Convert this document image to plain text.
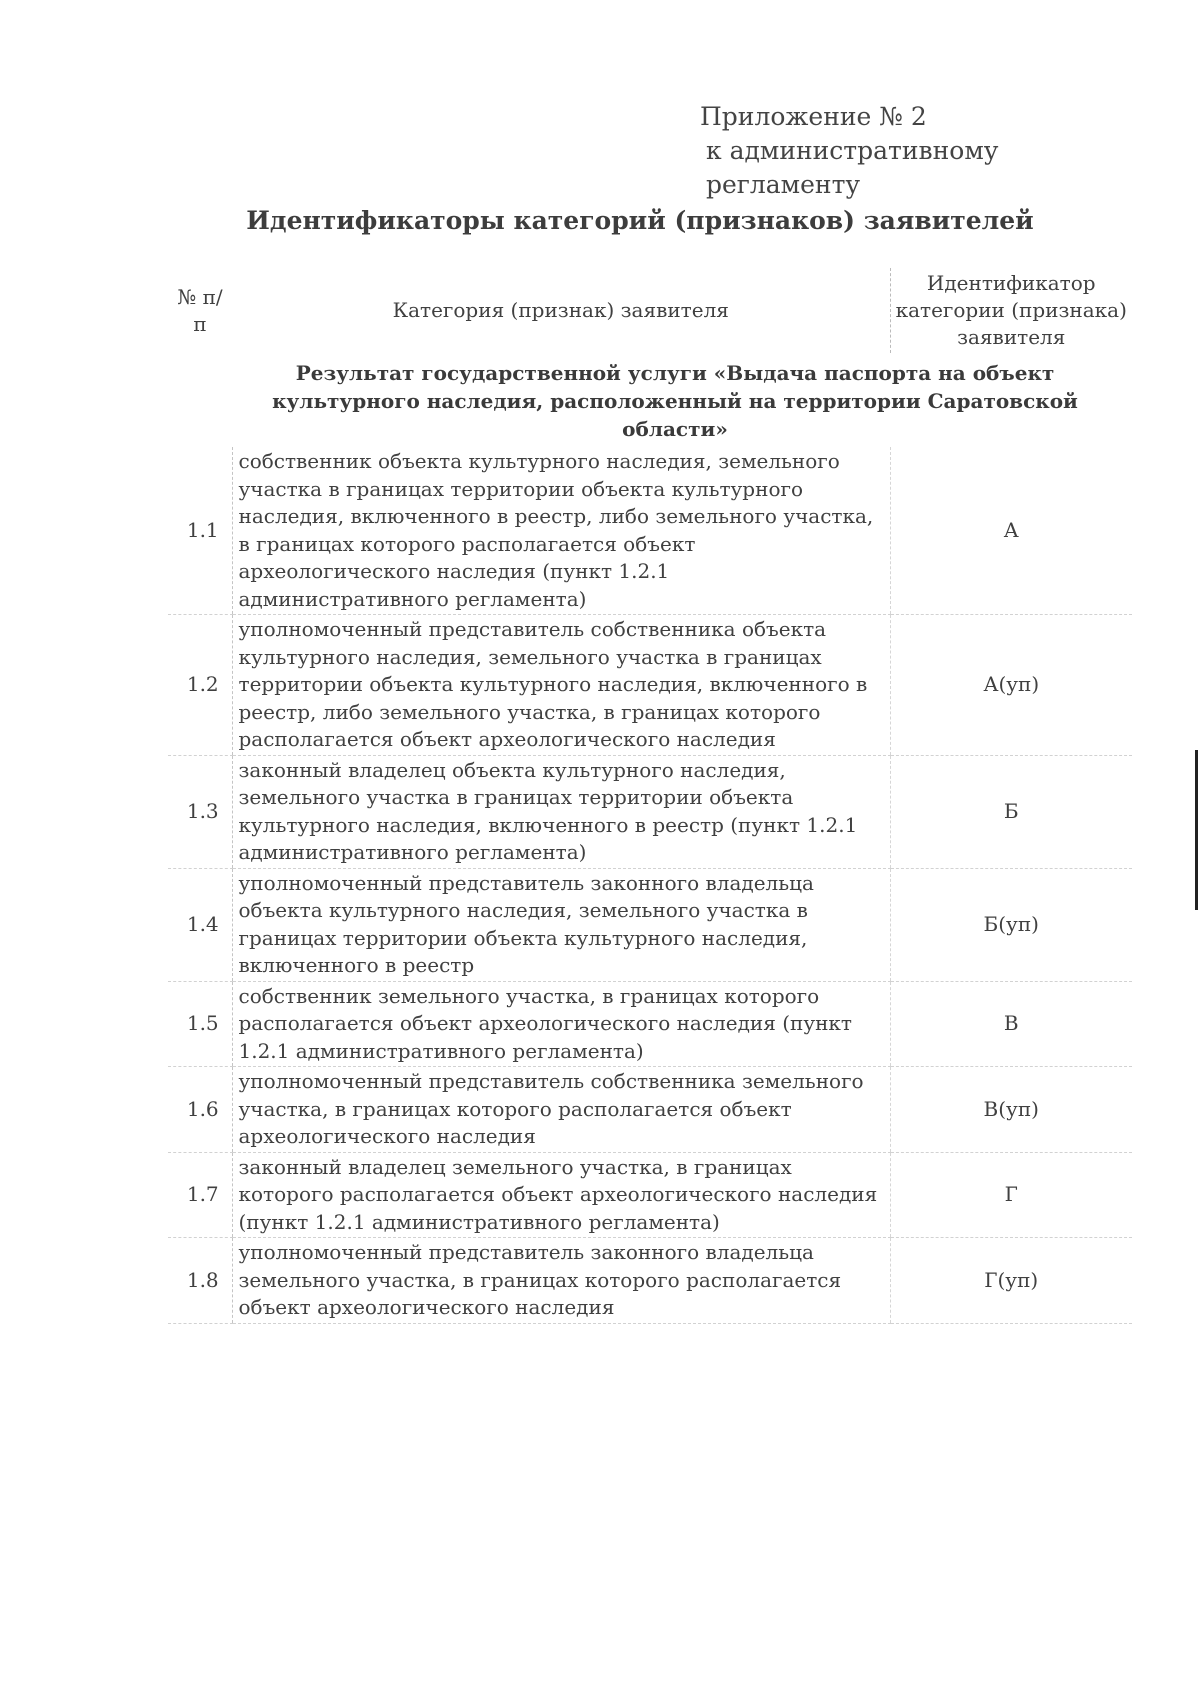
Приложение № 2
к административному регламенту
Идентификаторы категорий (признаков) заявителей
№ п/п	Категория (признак) заявителя	Идентификатор категории (признака) заявителя
Результат государственной услуги «Выдача паспорта на объект культурного наследия, расположенный на территории Саратовской области»		
1.1	собственник объекта культурного наследия, земельного участка в границах территории объекта культурного наследия, включенного в реестр, либо земельного участка, в границах которого располагается объект археологического наследия (пункт 1.2.1 административного регламента)	А
1.2	уполномоченный представитель собственника объекта культурного наследия, земельного участка в границах территории объекта культурного наследия, включенного в реестр, либо земельного участка, в границах которого располагается объект археологического наследия	А(уп)
1.3	законный владелец объекта культурного наследия, земельного участка в границах территории объекта культурного наследия, включенного в реестр (пункт 1.2.1 административного регламента)	Б
1.4	уполномоченный представитель законного владельца объекта культурного наследия, земельного участка в границах территории объекта культурного наследия, включенного в реестр	Б(уп)
1.5	собственник земельного участка, в границах которого располагается объект археологического наследия (пункт 1.2.1 административного регламента)	В
1.6	уполномоченный представитель собственника земельного участка, в границах которого располагается объект археологического наследия	В(уп)
1.7	законный владелец земельного участка, в границах которого располагается объект археологического наследия (пункт 1.2.1 административного регламента)	Г
1.8	уполномоченный представитель законного владельца земельного участка, в границах которого располагается объект археологического наследия	Г(уп)
